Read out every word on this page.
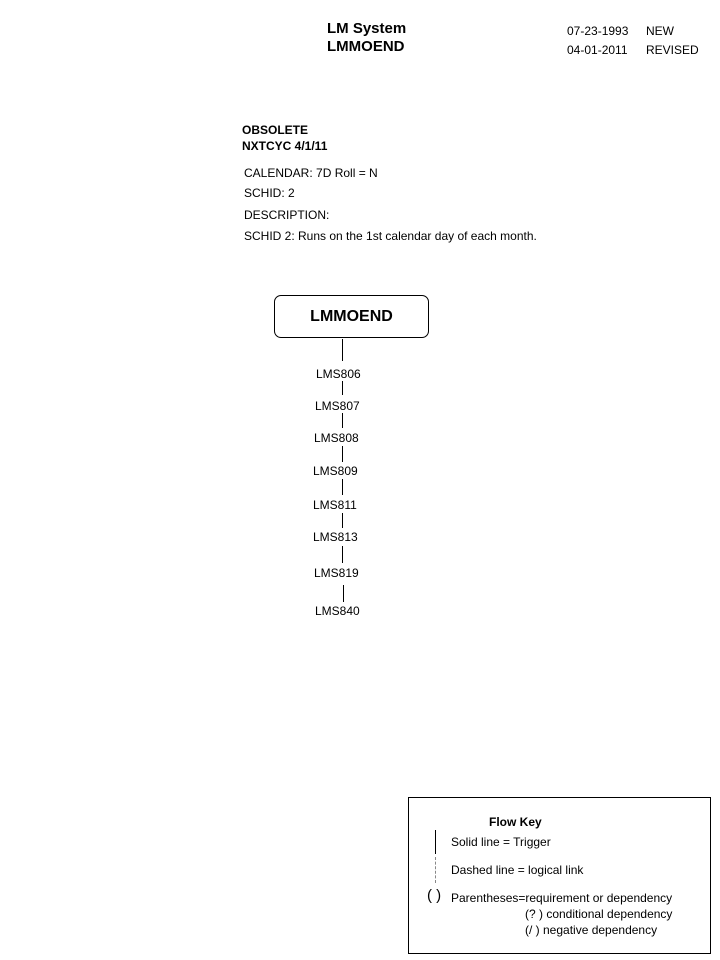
LM System
LMMOEND
07-23-1993 NEW
04-01-2011 REVISED
OBSOLETE
NXTCYC 4/1/11
CALENDAR: 7D Roll = N
SCHID: 2
DESCRIPTION:
SCHID 2: Runs on the 1st calendar day of each month.
LMMOEND
LMS806
LMS807
LMS808
LMS809
LMS811
LMS813
LMS819
LMS840
Flow Key
Solid line = Trigger
Dashed line = logical link
( ) Parentheses=requirement or dependency
(? ) conditional dependency
(/ ) negative dependency
